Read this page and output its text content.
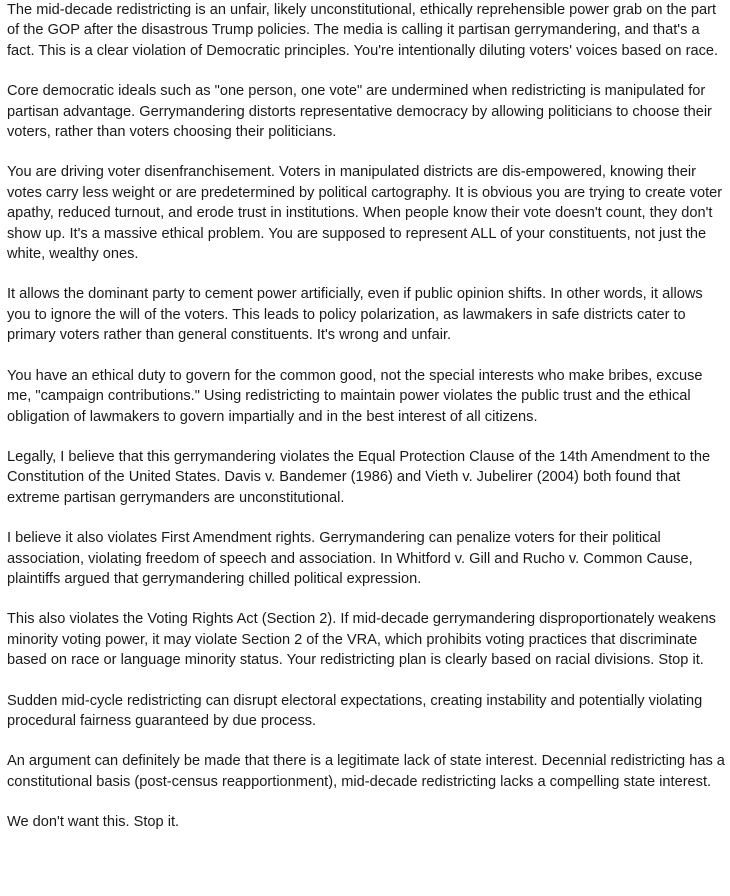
The mid-decade redistricting is an unfair, likely unconstitutional, ethically reprehensible power grab on the part of the GOP after the disastrous Trump policies. The media is calling it partisan gerrymandering, and that's a fact. This is a clear violation of Democratic principles. You're intentionally diluting voters' voices based on race.

Core democratic ideals such as "one person, one vote" are undermined when redistricting is manipulated for partisan advantage. Gerrymandering distorts representative democracy by allowing politicians to choose their voters, rather than voters choosing their politicians.

You are driving voter disenfranchisement. Voters in manipulated districts are dis-empowered, knowing their votes carry less weight or are predetermined by political cartography. It is obvious you are trying to create voter apathy, reduced turnout, and erode trust in institutions. When people know their vote doesn't count, they don't show up. It's a massive ethical problem. You are supposed to represent ALL of your constituents, not just the white, wealthy ones.

It allows the dominant party to cement power artificially, even if public opinion shifts. In other words, it allows you to ignore the will of the voters. This leads to policy polarization, as lawmakers in safe districts cater to primary voters rather than general constituents. It's wrong and unfair.

You have an ethical duty to govern for the common good, not the special interests who make bribes, excuse me, "campaign contributions." Using redistricting to maintain power violates the public trust and the ethical obligation of lawmakers to govern impartially and in the best interest of all citizens.

Legally, I believe that this gerrymandering violates the Equal Protection Clause of the 14th Amendment to the Constitution of the United States. Davis v. Bandemer (1986) and Vieth v. Jubelirer (2004) both found that extreme partisan gerrymanders are unconstitutional.

I believe it also violates First Amendment rights. Gerrymandering can penalize voters for their political association, violating freedom of speech and association. In Whitford v. Gill and Rucho v. Common Cause, plaintiffs argued that gerrymandering chilled political expression.

This also violates the Voting Rights Act (Section 2). If mid-decade gerrymandering disproportionately weakens minority voting power, it may violate Section 2 of the VRA, which prohibits voting practices that discriminate based on race or language minority status. Your redistricting plan is clearly based on racial divisions. Stop it.

Sudden mid-cycle redistricting can disrupt electoral expectations, creating instability and potentially violating procedural fairness guaranteed by due process.

An argument can definitely be made that there is a legitimate lack of state interest. Decennial redistricting has a constitutional basis (post-census reapportionment), mid-decade redistricting lacks a compelling state interest.

We don't want this. Stop it.
